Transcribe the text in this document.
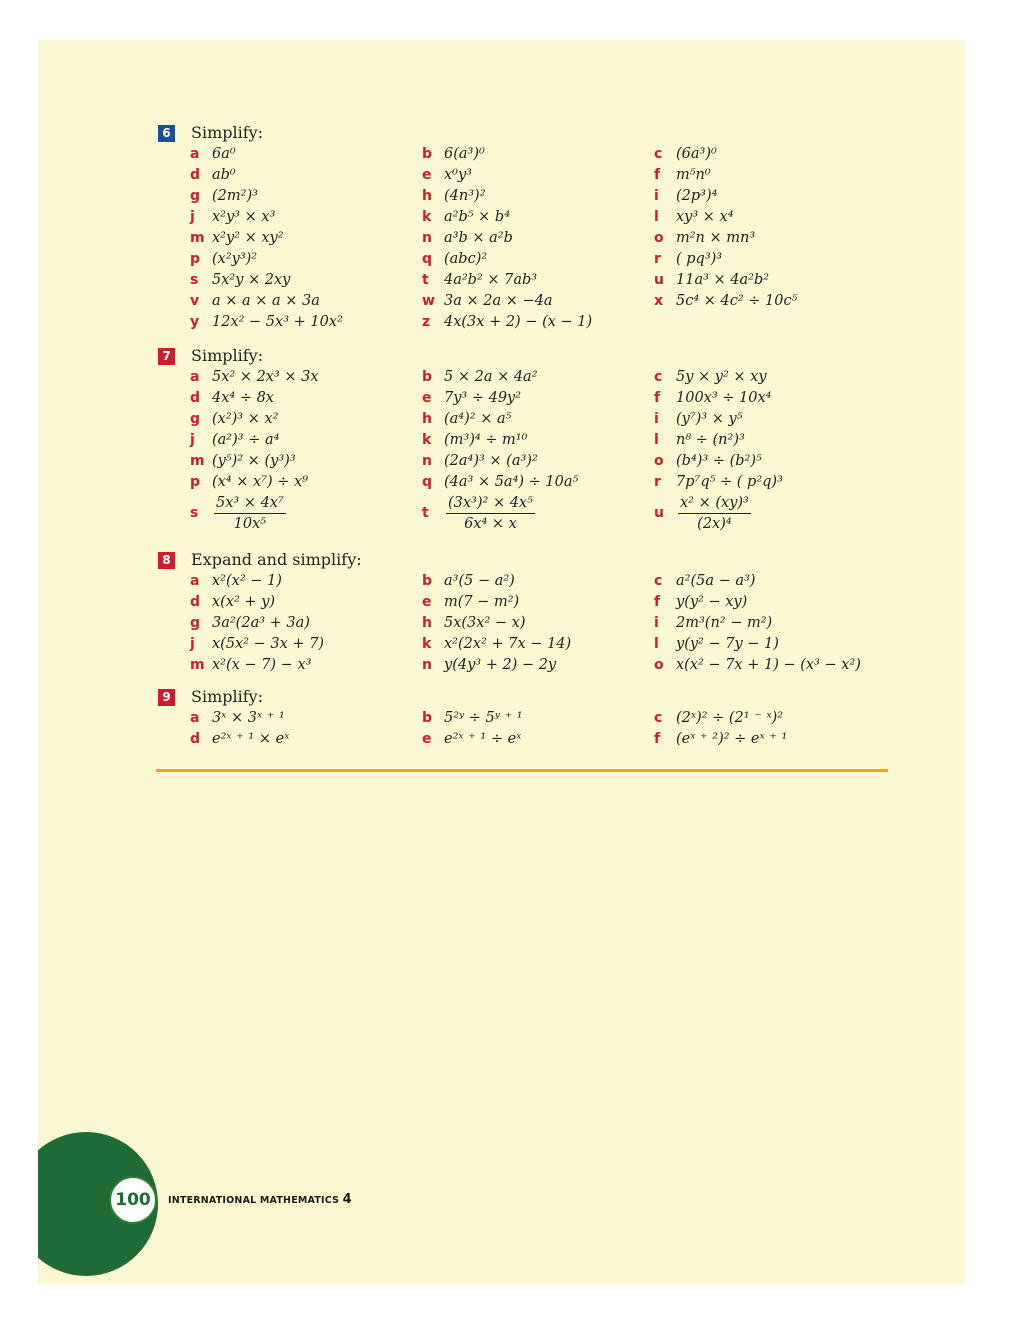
6 Simplify:
a 6a⁰	b 6(a³)⁰	c (6a³)⁰
d ab⁰	e x⁰y³	f m⁵n⁰
g (2m²)³	h (4n³)²	i (2p³)⁴
j x²y³ × x³	k a²b⁵ × b⁴	l xy³ × x⁴
m x²y² × xy²	n a³b × a²b	o m²n × mn³
p (x²y³)²	q (abc)²	r ( pq³)³
s 5x²y × 2xy	t 4a²b² × 7ab³	u 11a³ × 4a²b²
v a × a × a × 3a	w 3a × 2a × −4a	x 5c⁴ × 4c² ÷ 10c⁵
y 12x² − 5x³ + 10x²	z 4x(3x + 2) − (x − 1)
7 Simplify:
a 5x² × 2x³ × 3x	b 5 × 2a × 4a²	c 5y × y² × xy
d 4x⁴ ÷ 8x	e 7y³ ÷ 49y²	f 100x³ ÷ 10x⁴
g (x²)³ × x²	h (a⁴)² × a⁵	i (y⁷)³ × y⁵
j (a²)³ ÷ a⁴	k (m³)⁴ ÷ m¹⁰	l n⁸ ÷ (n²)³
m (y⁵)² × (y³)³	n (2a⁴)³ × (a³)²	o (b⁴)³ ÷ (b²)⁵
p (x⁴ × x⁷) ÷ x⁹	q (4a³ × 5a⁴) ÷ 10a⁵	r 7p⁷q⁵ ÷ ( p²q)³
s $\frac{\text{5x³ × 4x⁷}}{\text{10x⁵}}$	t $\frac{\text{(3x³)² × 4x⁵}}{\text{6x⁴ × x}}$	u $\frac{\text{x² × (xy)³}}{\text{(2x)⁴}}$
8 Expand and simplify:
a x²(x² − 1)	b a³(5 − a²)	c a²(5a − a³)
d x(x² + y)	e m(7 − m²)	f y(y² − xy)
g 3a²(2a³ + 3a)	h 5x(3x² − x)	i 2m³(n² − m²)
j x(5x² − 3x + 7)	k x²(2x² + 7x − 14)	l y(y² − 7y − 1)
m x²(x − 7) − x³	n y(4y³ + 2) − 2y	o x(x² − 7x + 1) − (x³ − x²)
9 Simplify:
a 3ˣ × 3ˣ ⁺ ¹	b 5²ʸ ÷ 5ʸ ⁺ ¹	c (2ˣ)² ÷ (2¹ ⁻ ˣ)²
d e²ˣ ⁺ ¹ × eˣ	e e²ˣ ⁺ ¹ ÷ eˣ	f (eˣ ⁺ ²)² ÷ eˣ ⁺ ¹
100	INTERNATIONAL MATHEMATICS 4
